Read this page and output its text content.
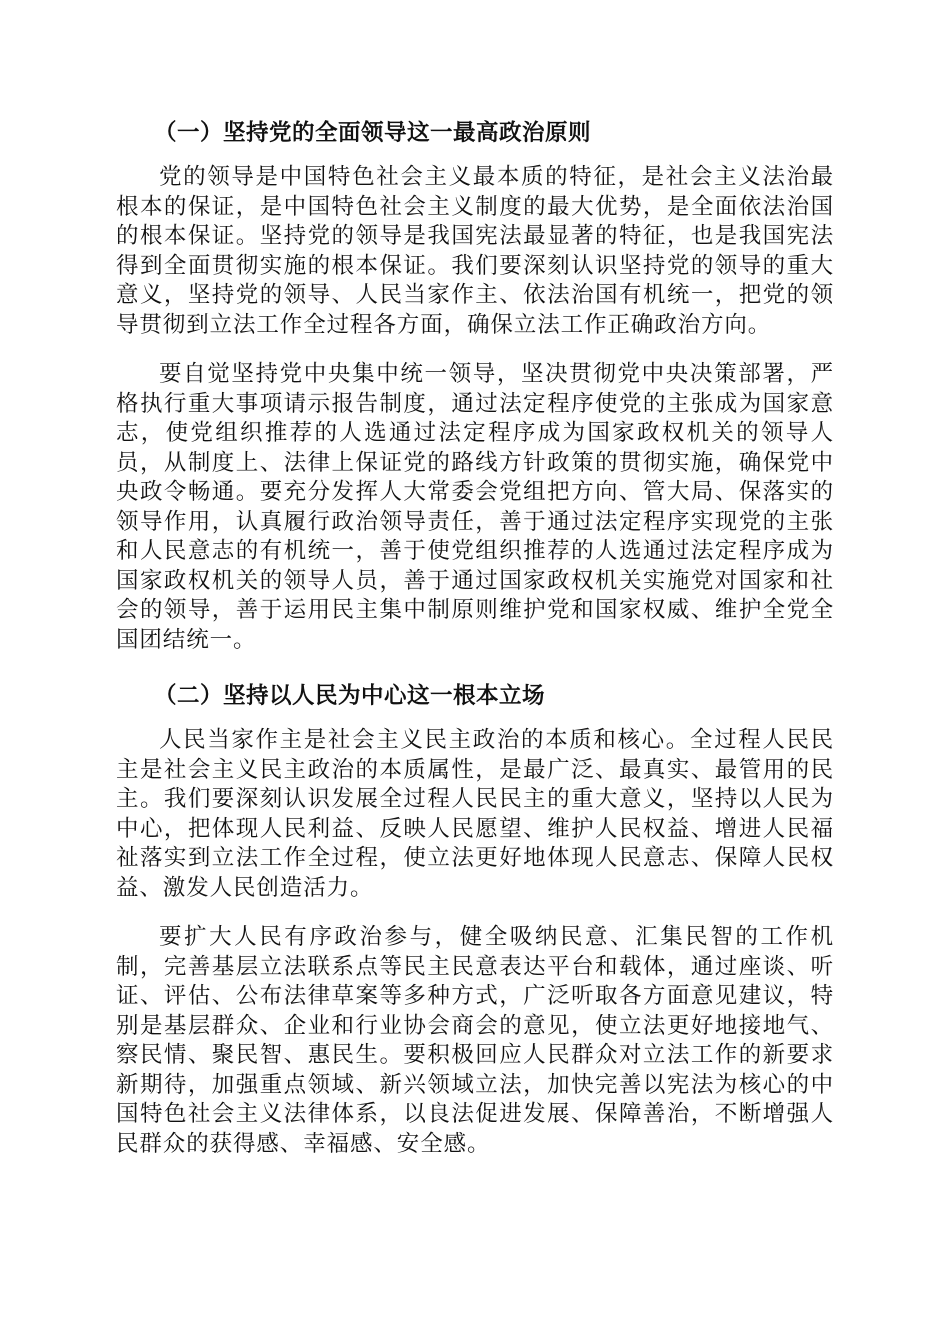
（一）坚持党的全面领导这一最高政治原则

党的领导是中国特色社会主义最本质的特征，是社会主义法治最根本的保证，是中国特色社会主义制度的最大优势，是全面依法治国的根本保证。坚持党的领导是我国宪法最显著的特征，也是我国宪法得到全面贯彻实施的根本保证。我们要深刻认识坚持党的领导的重大意义，坚持党的领导、人民当家作主、依法治国有机统一，把党的领导贯彻到立法工作全过程各方面，确保立法工作正确政治方向。

要自觉坚持党中央集中统一领导，坚决贯彻党中央决策部署，严格执行重大事项请示报告制度，通过法定程序使党的主张成为国家意志，使党组织推荐的人选通过法定程序成为国家政权机关的领导人员，从制度上、法律上保证党的路线方针政策的贯彻实施，确保党中央政令畅通。要充分发挥人大常委会党组把方向、管大局、保落实的领导作用，认真履行政治领导责任，善于通过法定程序实现党的主张和人民意志的有机统一，善于使党组织推荐的人选通过法定程序成为国家政权机关的领导人员，善于通过国家政权机关实施党对国家和社会的领导，善于运用民主集中制原则维护党和国家权威、维护全党全国团结统一。

（二）坚持以人民为中心这一根本立场

人民当家作主是社会主义民主政治的本质和核心。全过程人民民主是社会主义民主政治的本质属性，是最广泛、最真实、最管用的民主。我们要深刻认识发展全过程人民民主的重大意义，坚持以人民为中心，把体现人民利益、反映人民愿望、维护人民权益、增进人民福祉落实到立法工作全过程，使立法更好地体现人民意志、保障人民权益、激发人民创造活力。

要扩大人民有序政治参与，健全吸纳民意、汇集民智的工作机制，完善基层立法联系点等民主民意表达平台和载体，通过座谈、听证、评估、公布法律草案等多种方式，广泛听取各方面意见建议，特别是基层群众、企业和行业协会商会的意见，使立法更好地接地气、察民情、聚民智、惠民生。要积极回应人民群众对立法工作的新要求新期待，加强重点领域、新兴领域立法，加快完善以宪法为核心的中国特色社会主义法律体系，以良法促进发展、保障善治，不断增强人民群众的获得感、幸福感、安全感。
